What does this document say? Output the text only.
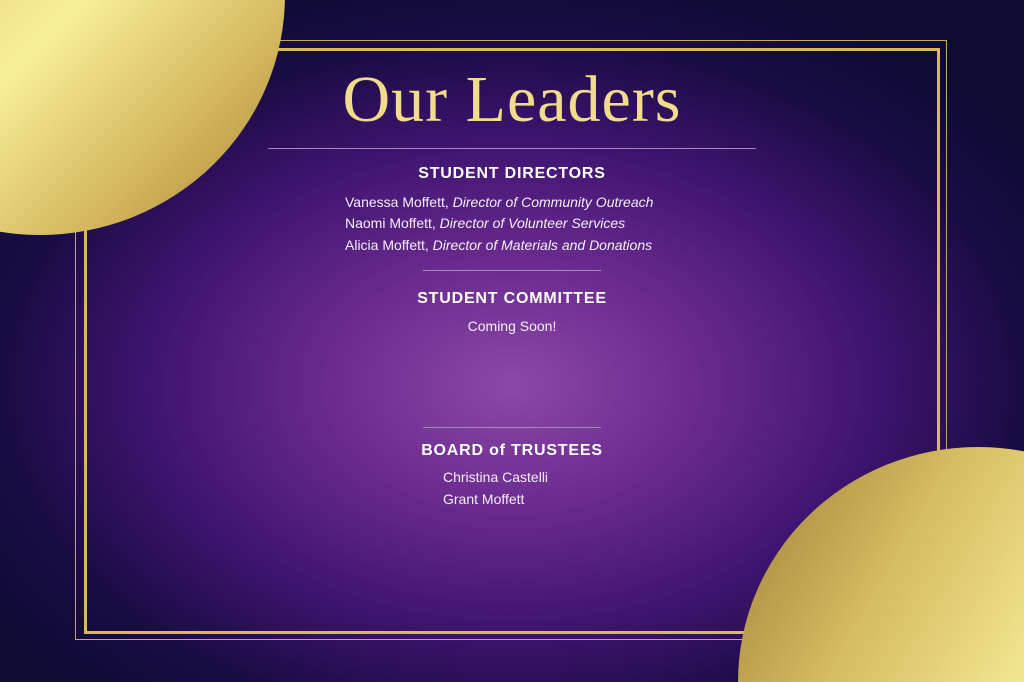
Our Leaders
STUDENT DIRECTORS
Vanessa Moffett, Director of Community Outreach
Naomi Moffett, Director of Volunteer Services
Alicia Moffett, Director of Materials and Donations
STUDENT COMMITTEE
Coming Soon!
BOARD of TRUSTEES
Christina Castelli
Grant Moffett
